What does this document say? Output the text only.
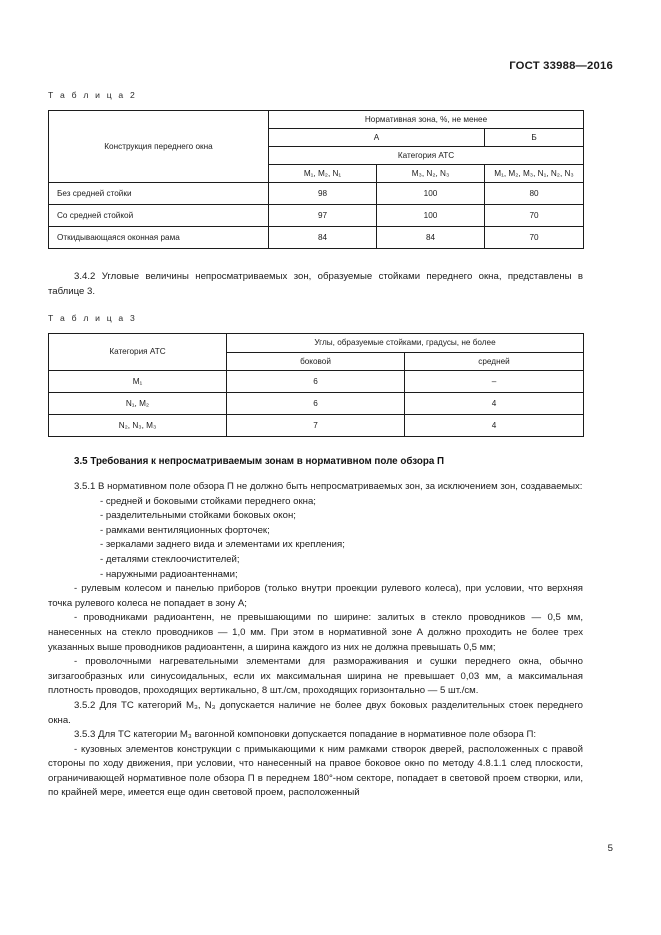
ГОСТ 33988—2016
Т а б л и ц а 2
Конструкция переднего окна	Нормативная зона, %, не менее		
	А		Б
	Категория АТС		
	M₁, M₂, N₁	M₃, N₂, N₃	M₁, M₂, M₃, N₁, N₂, N₃
Без средней стойки	98	100	80
Со средней стойкой	97	100	70
Откидывающаяся оконная рама	84	84	70

3.4.2 Угловые величины непросматриваемых зон, образуемые стойками переднего окна, представлены в таблице 3.

Т а б л и ц а 3
Категория АТС	Углы, образуемые стойками, градусы, не более	
	боковой	средней
M₁	6	–
N₁, M₂	6	4
N₂, N₃, M₃	7	4

3.5 Требования к непросматриваемым зонам в нормативном поле обзора П

3.5.1 В нормативном поле обзора П не должно быть непросматриваемых зон, за исключением зон, создаваемых:

- средней и боковыми стойками переднего окна;
- разделительными стойками боковых окон;
- рамками вентиляционных форточек;
- зеркалами заднего вида и элементами их крепления;
- деталями стеклоочистителей;
- наружными радиоантеннами;

- рулевым колесом и панелью приборов (только внутри проекции рулевого колеса), при условии, что верхняя точка рулевого колеса не попадает в зону А;

- проводниками радиоантенн, не превышающими по ширине: залитых в стекло проводников — 0,5 мм, нанесенных на стекло проводников — 1,0 мм. При этом в нормативной зоне А должно проходить не более трех указанных выше проводников радиоантенн, а ширина каждого из них не должна превышать 0,5 мм;

- проволочными нагревательными элементами для размораживания и сушки переднего окна, обычно зигзагообразных или синусоидальных, если их максимальная ширина не превышает 0,03 мм, а максимальная плотность проводов, проходящих вертикально, 8 шт./см, проходящих горизонтально — 5 шт./см.

3.5.2 Для ТС категорий M₃, N₃ допускается наличие не более двух боковых разделительных стоек переднего окна.

3.5.3 Для ТС категории M₃ вагонной компоновки допускается попадание в нормативное поле обзора П:

- кузовных элементов конструкции с примыкающими к ним рамками створок дверей, расположенных с правой стороны по ходу движения, при условии, что нанесенный на правое боковое окно по методу 4.8.1.1 след плоскости, ограничивающей нормативное поле обзора П в переднем 180°-ном секторе, попадает в световой проем створки, или, по крайней мере, имеется еще один световой проем, расположенный

5
